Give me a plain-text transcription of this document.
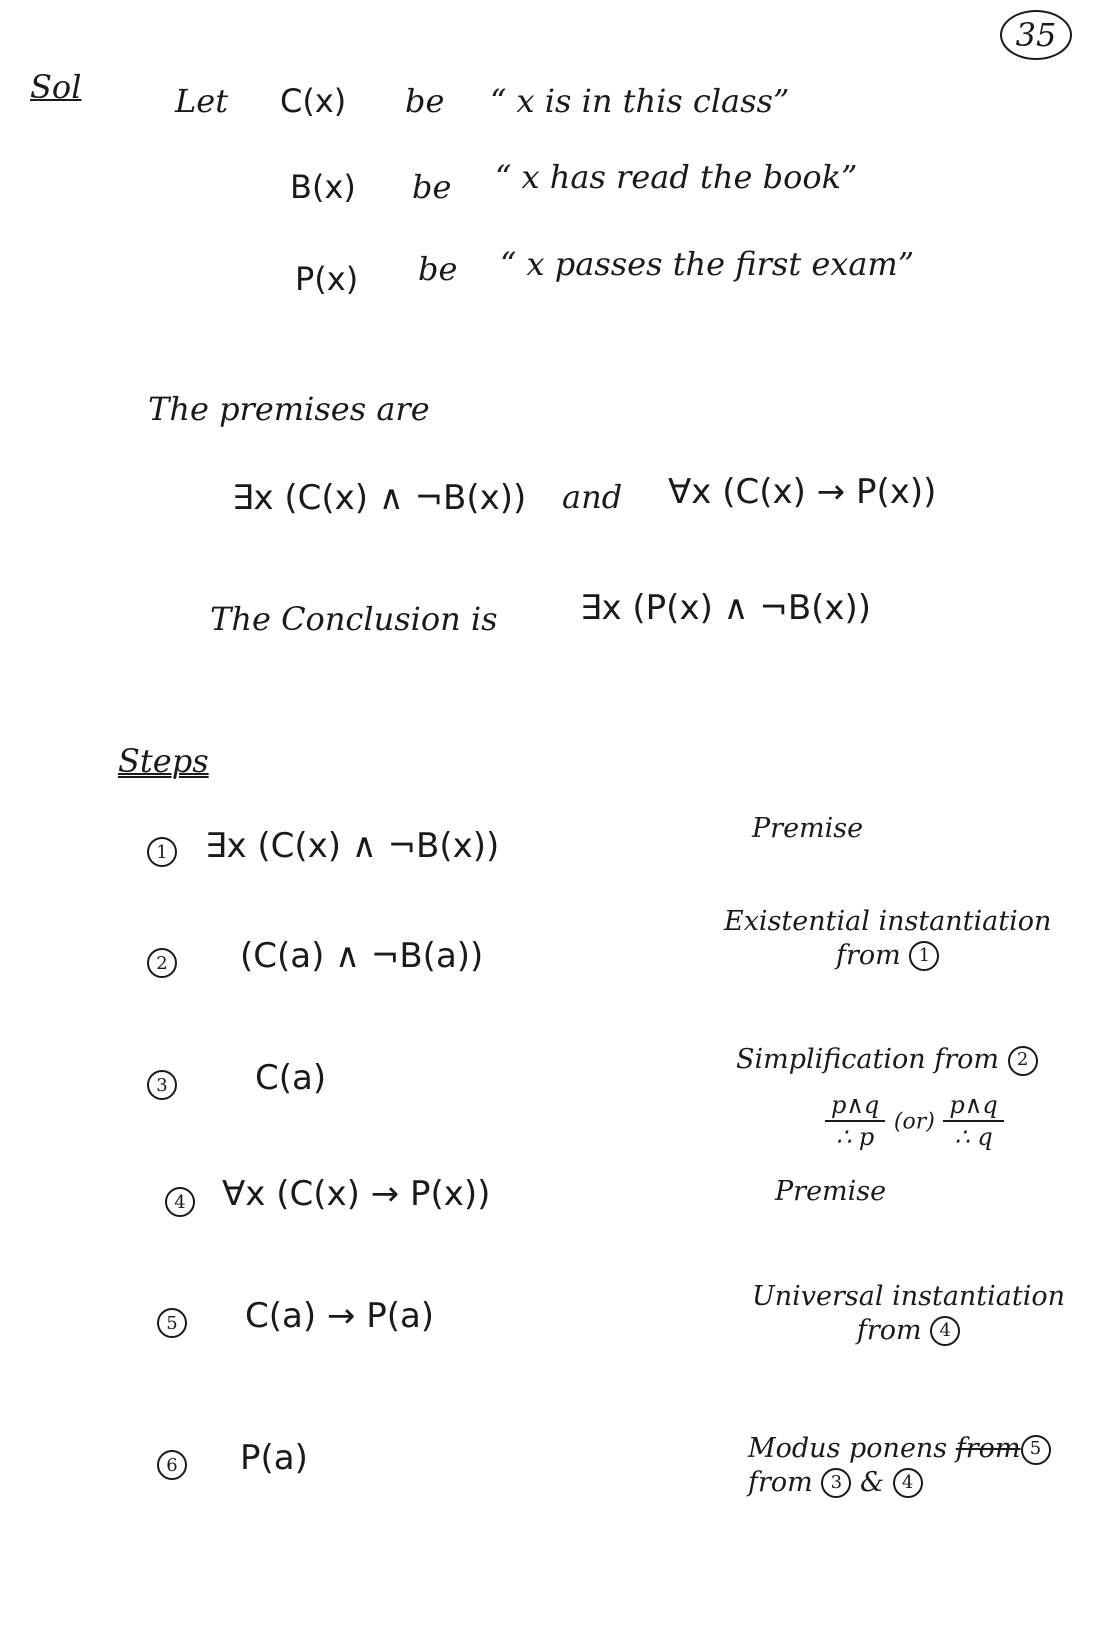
35
Sol	Let C(x) be “ x is in this class”
B(x) be “ x has read the book”
P(x) be “ x passes the first exam”
The premises are
∃x (C(x) ∧ ¬B(x)) and ∀x (C(x) → P(x))
The Conclusion is ∃x (P(x) ∧ ¬B(x))
Steps
1 ∃x (C(x) ∧ ¬B(x))	Premise
2 (C(a) ∧ ¬B(a))
Existential instantiation
from 1
3	C(a)	Simplification from 2
$\frac{p\wedge q}{\therefore p} (or) \frac{p\wedge q}{\therefore q}$
4 ∀x (C(x) → P(x))	Premise
5 C(a) → P(a)	Universal instantiation
from 4
6 P(a)	Modus ponens from 5
from 3 & 4
